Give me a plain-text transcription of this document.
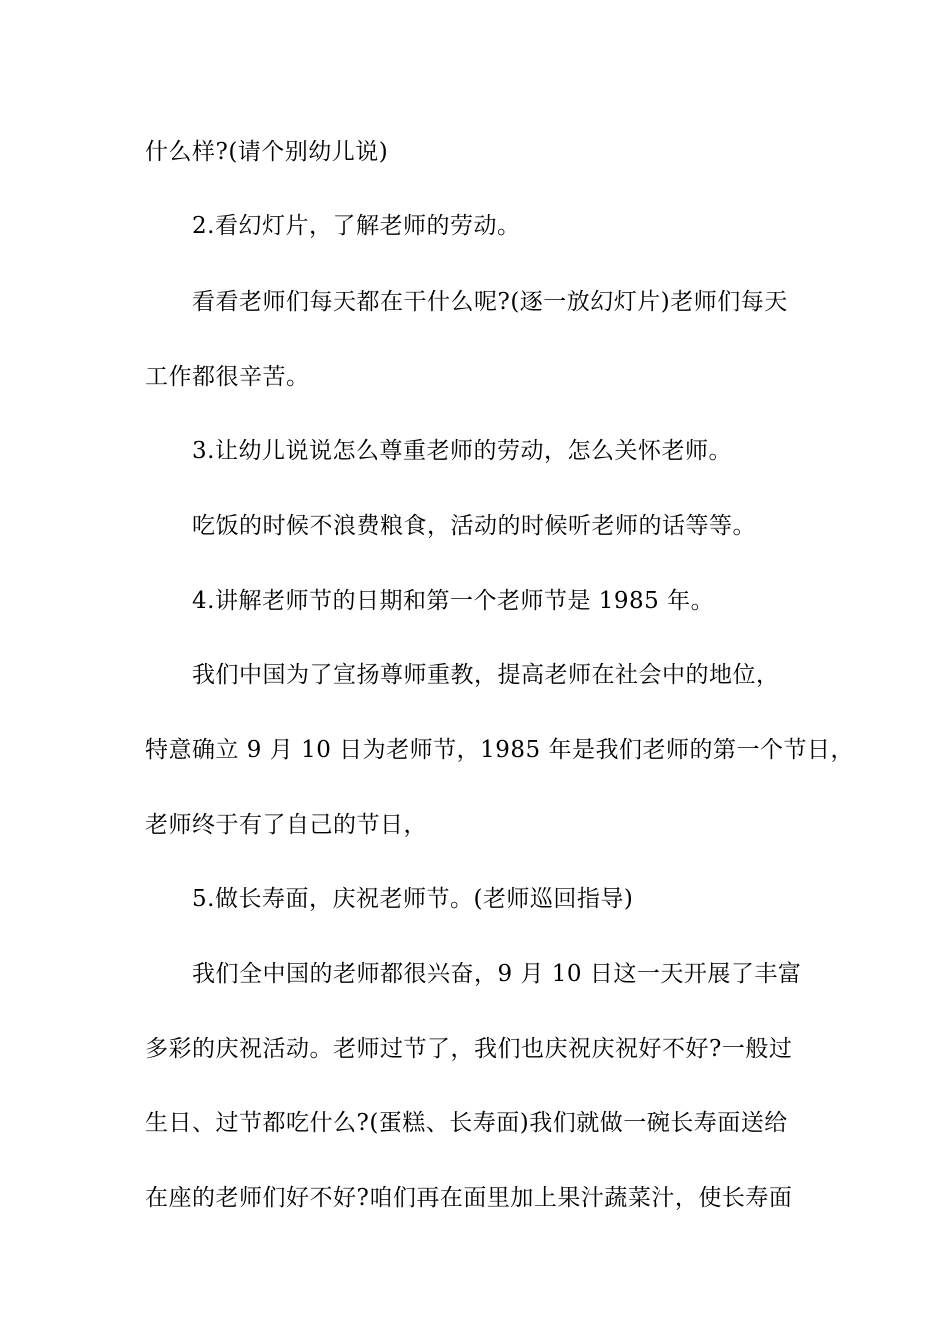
什么样?(请个别幼儿说)
2.看幻灯片，了解老师的劳动。
看看老师们每天都在干什么呢?(逐一放幻灯片)老师们每天
工作都很辛苦。
3.让幼儿说说怎么尊重老师的劳动，怎么关怀老师。
吃饭的时候不浪费粮食，活动的时候听老师的话等等。
4.讲解老师节的日期和第一个老师节是 1985 年。
我们中国为了宣扬尊师重教，提高老师在社会中的地位，
特意确立 9 月 10 日为老师节，1985 年是我们老师的第一个节日，
老师终于有了自己的节日，
5.做长寿面，庆祝老师节。(老师巡回指导)
我们全中国的老师都很兴奋，9 月 10 日这一天开展了丰富
多彩的庆祝活动。老师过节了，我们也庆祝庆祝好不好?一般过
生日、过节都吃什么?(蛋糕、长寿面)我们就做一碗长寿面送给
在座的老师们好不好?咱们再在面里加上果汁蔬菜汁，使长寿面
